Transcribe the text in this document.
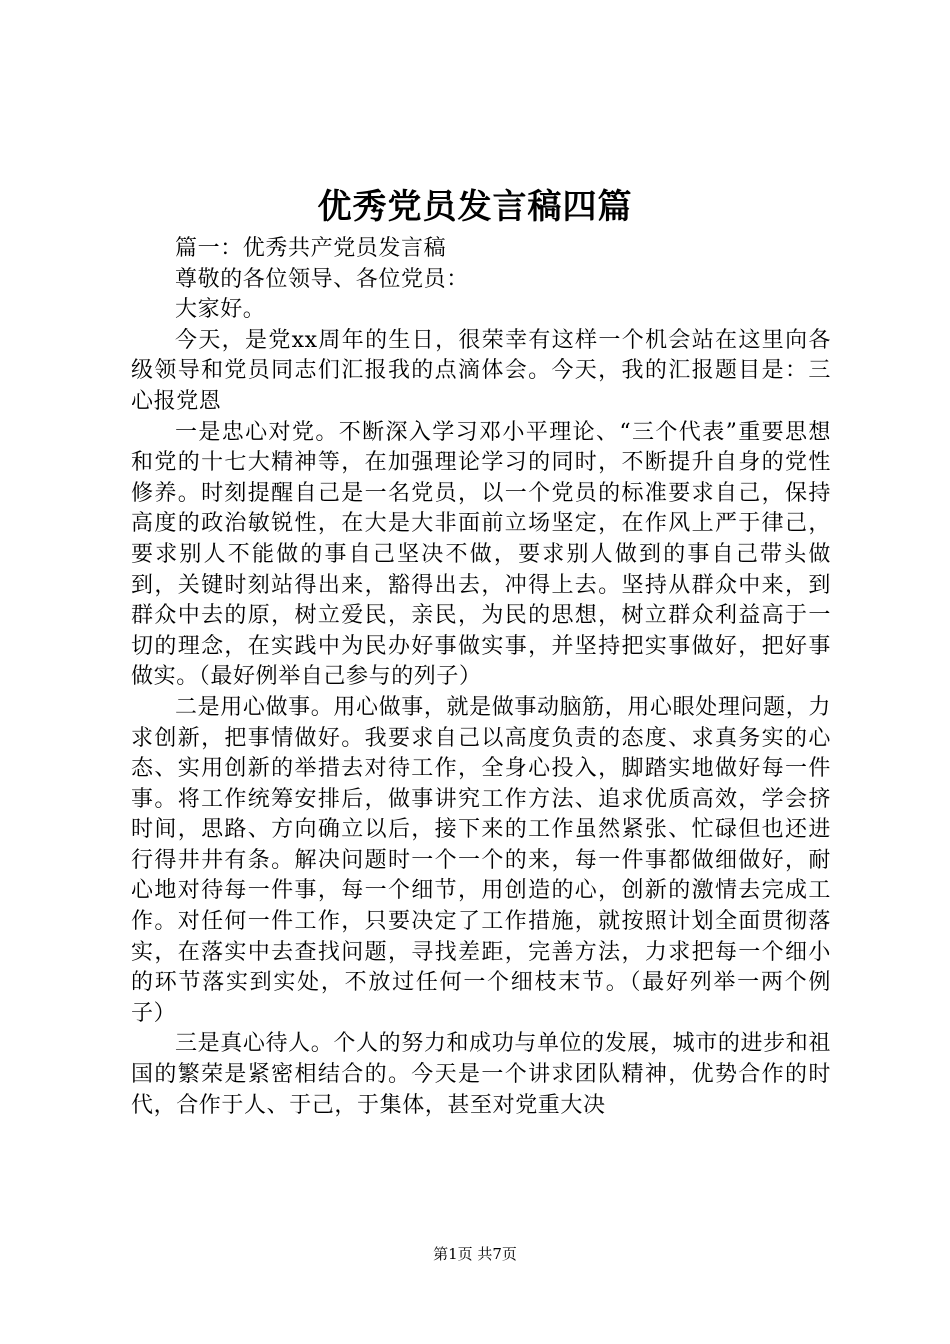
优秀党员发言稿四篇

篇一：优秀共产党员发言稿

尊敬的各位领导、各位党员：

大家好。

今天，是党xx周年的生日，很荣幸有这样一个机会站在这里向各级领导和党员同志们汇报我的点滴体会。今天，我的汇报题目是：三心报党恩

一是忠心对党。不断深入学习邓小平理论、“三个代表”重要思想和党的十七大精神等，在加强理论学习的同时，不断提升自身的党性修养。时刻提醒自己是一名党员，以一个党员的标准要求自己，保持高度的政治敏锐性，在大是大非面前立场坚定，在作风上严于律己，要求别人不能做的事自己坚决不做，要求别人做到的事自己带头做到，关键时刻站得出来，豁得出去，冲得上去。坚持从群众中来，到群众中去的原，树立爱民，亲民，为民的思想，树立群众利益高于一切的理念，在实践中为民办好事做实事，并坚持把实事做好，把好事做实。（最好例举自己参与的列子）

二是用心做事。用心做事，就是做事动脑筋，用心眼处理问题，力求创新，把事情做好。我要求自己以高度负责的态度、求真务实的心态、实用创新的举措去对待工作，全身心投入，脚踏实地做好每一件事。将工作统筹安排后，做事讲究工作方法、追求优质高效，学会挤时间，思路、方向确立以后，接下来的工作虽然紧张、忙碌但也还进行得井井有条。解决问题时一个一个的来，每一件事都做细做好，耐心地对待每一件事，每一个细节，用创造的心，创新的激情去完成工作。对任何一件工作，只要决定了工作措施，就按照计划全面贯彻落实，在落实中去查找问题，寻找差距，完善方法，力求把每一个细小的环节落实到实处，不放过任何一个细枝末节。（最好列举一两个例子）

三是真心待人。个人的努力和成功与单位的发展，城市的进步和祖国的繁荣是紧密相结合的。今天是一个讲求团队精神，优势合作的时代，合作于人、于己，于集体，甚至对党重大决

第1页 共7页
